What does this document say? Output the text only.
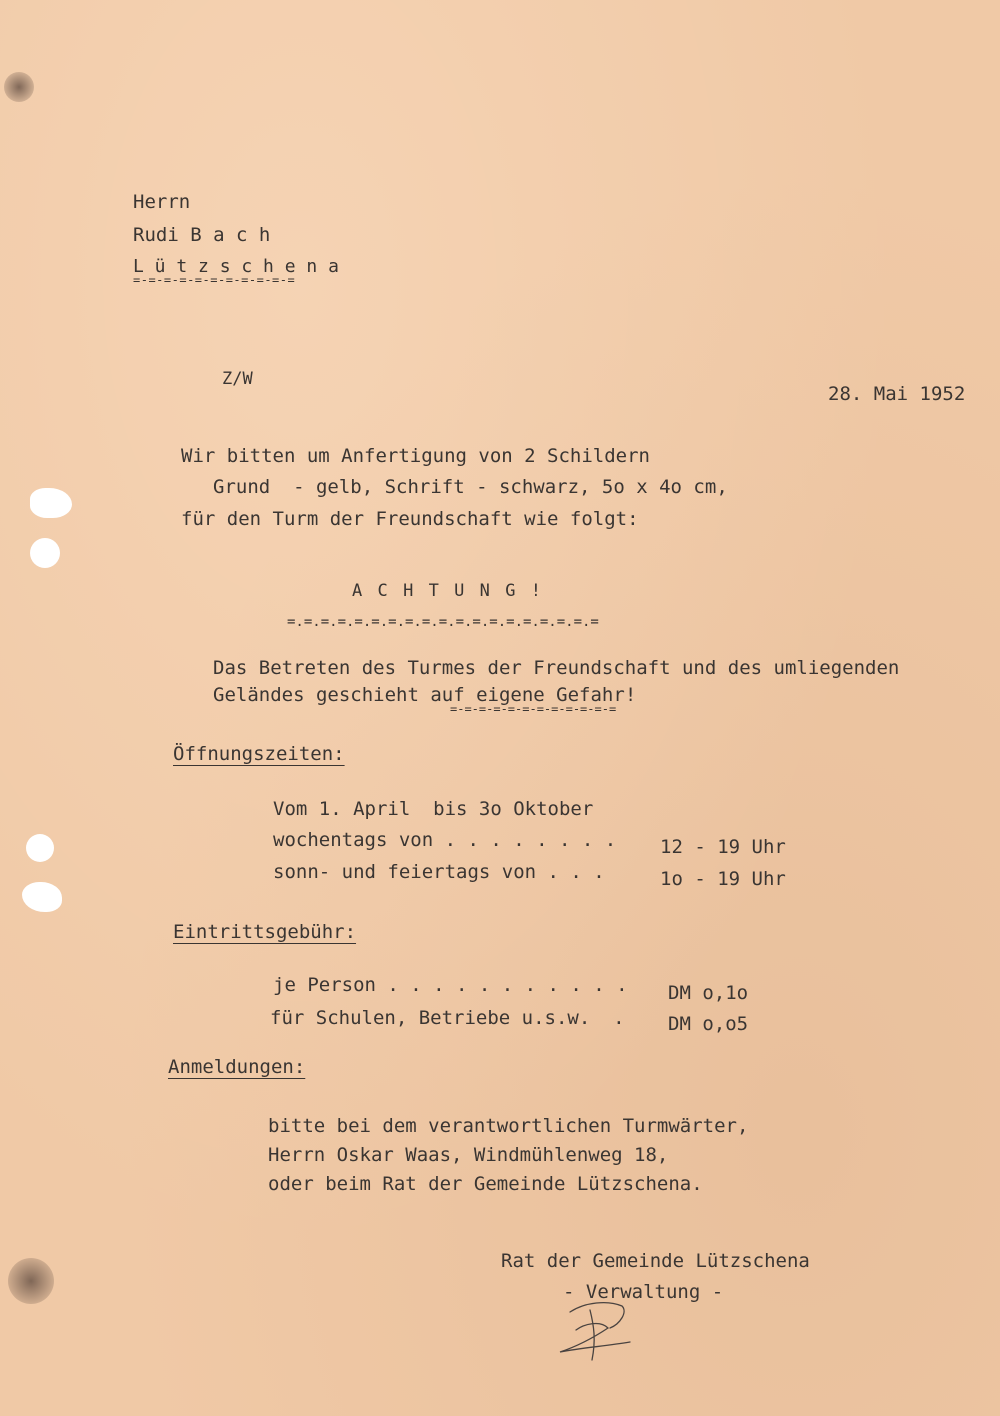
Herrn
Rudi B a c h
L ü t z s c h e n a
=-=-=-=-=-=-=-=-=-=-=
Z/W
28. Mai 1952
Wir bitten um Anfertigung von 2 Schildern
Grund  - gelb, Schrift - schwarz, 5o x 4o cm,
für den Turm der Freundschaft wie folgt:
ACHTUNG!
=.=.=.=.=.=.=.=.=.=.=.=.=.=.=.=.=.=.=
Das Betreten des Turmes der Freundschaft und des umliegenden
Geländes geschieht auf eigene Gefahr!
=-=-=-=-=-=-=-=-=-=-=-=
Öffnungszeiten:
Vom 1. April  bis 3o Oktober
wochentags von . . . . . . . . 12 - 19 Uhr
sonn- und feiertags von . . .	1o - 19 Uhr
Eintrittsgebühr:
je Person . . . . . . . . . . . DM o,1o
für Schulen, Betriebe u.s.w.  . DM o,o5
Anmeldungen:
bitte bei dem verantwortlichen Turmwärter,
Herrn Oskar Waas, Windmühlenweg 18,
oder beim Rat der Gemeinde Lützschena.
Rat der Gemeinde Lützschena
- Verwaltung -
